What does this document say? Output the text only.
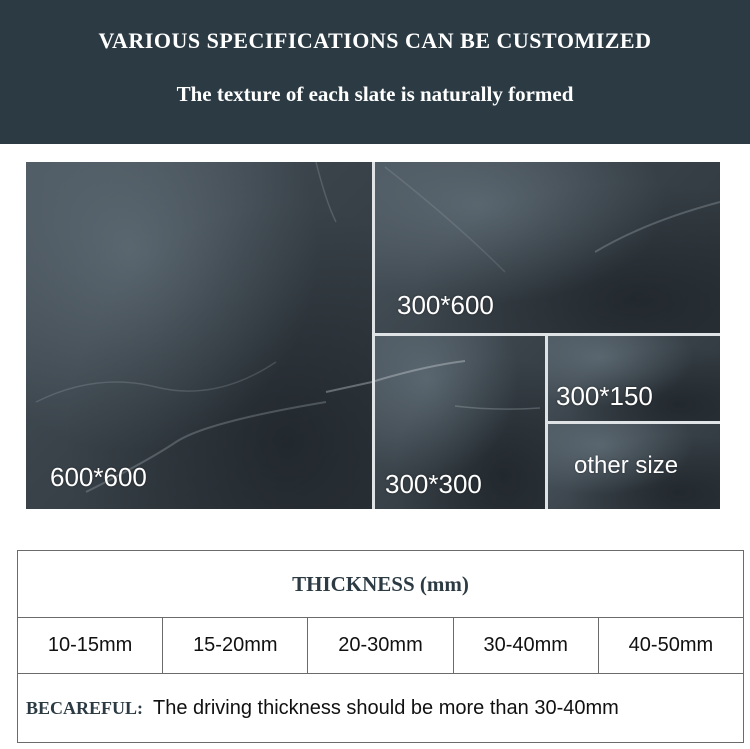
VARIOUS SPECIFICATIONS CAN BE CUSTOMIZED
The texture of each slate is naturally formed
600*600
300*600
300*300
300*150
other size
THICKNESS (mm)
10-15mm	15-20mm	20-30mm	30-40mm	40-50mm
BECAREFUL: The driving thickness should be more than 30-40mm
